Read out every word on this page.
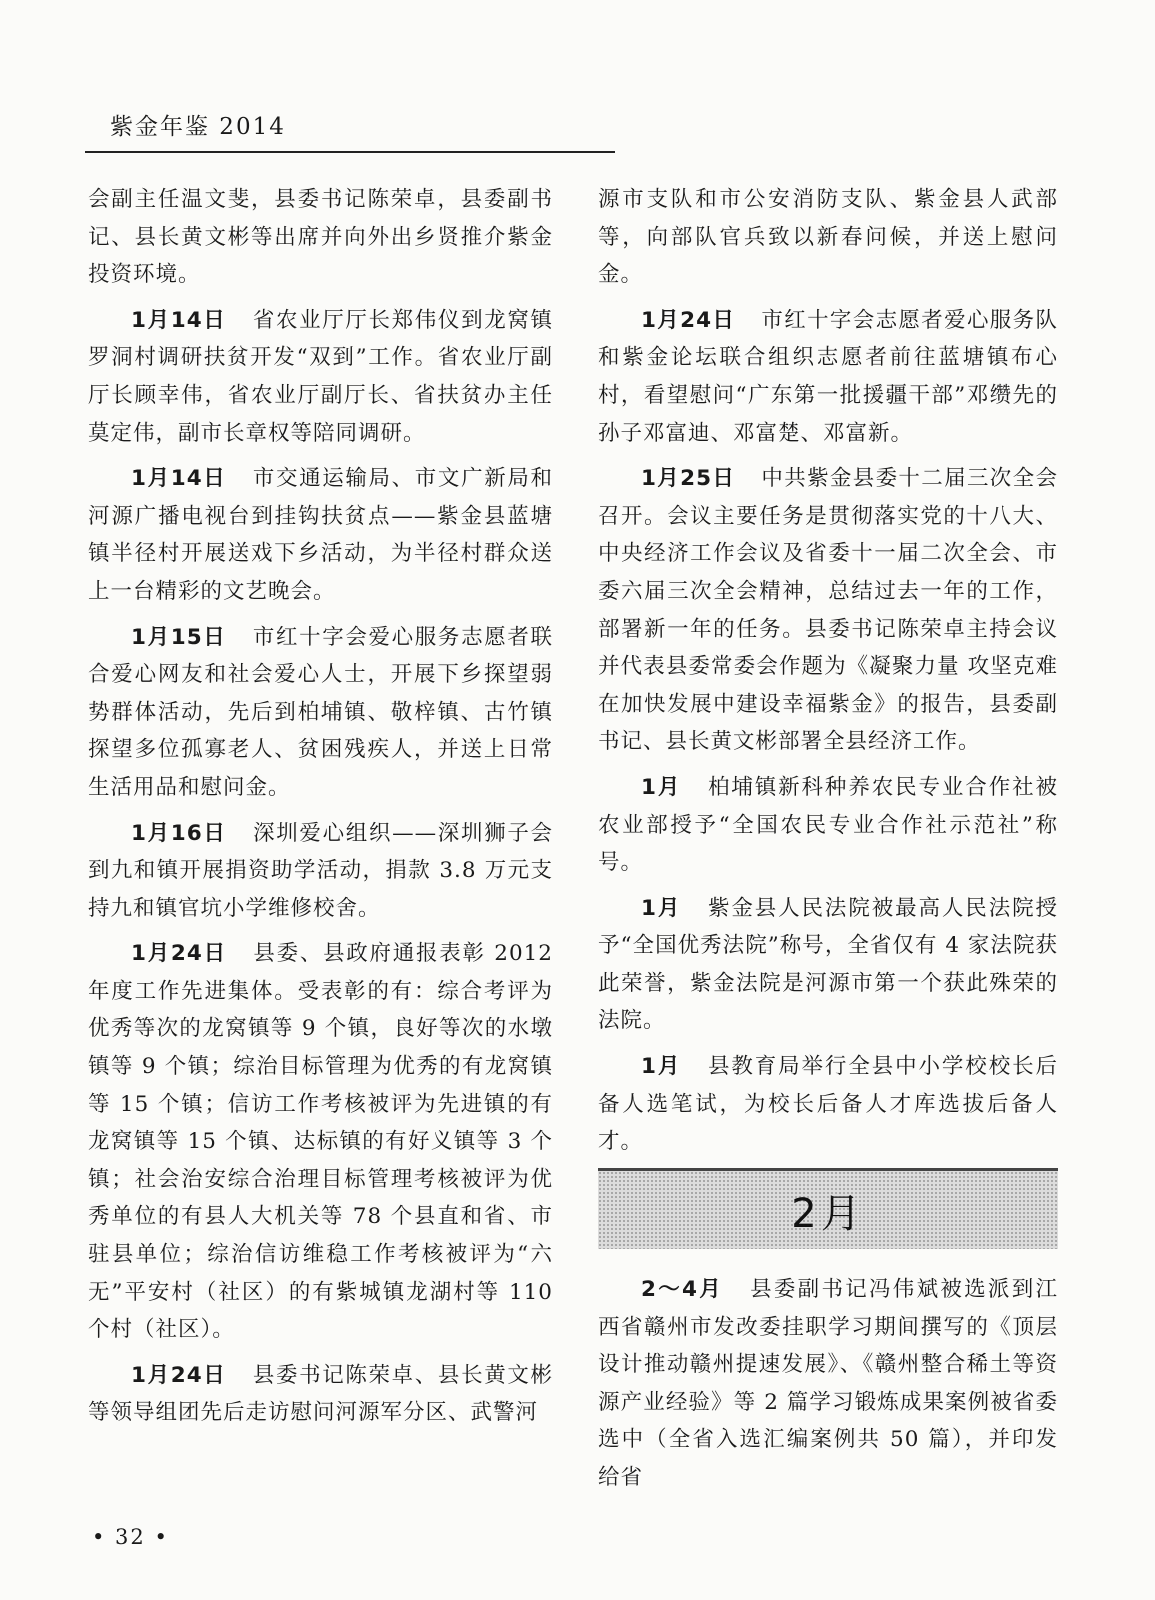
紫金年鉴 2014

会副主任温文斐，县委书记陈荣卓，县委副书记、县长黄文彬等出席并向外出乡贤推介紫金投资环境。

1月14日 省农业厅厅长郑伟仪到龙窝镇罗洞村调研扶贫开发“双到”工作。省农业厅副厅长顾幸伟，省农业厅副厅长、省扶贫办主任莫定伟，副市长章权等陪同调研。

1月14日 市交通运输局、市文广新局和河源广播电视台到挂钩扶贫点——紫金县蓝塘镇半径村开展送戏下乡活动，为半径村群众送上一台精彩的文艺晚会。

1月15日 市红十字会爱心服务志愿者联合爱心网友和社会爱心人士，开展下乡探望弱势群体活动，先后到柏埔镇、敬梓镇、古竹镇探望多位孤寡老人、贫困残疾人，并送上日常生活用品和慰问金。

1月16日 深圳爱心组织——深圳狮子会到九和镇开展捐资助学活动，捐款 3.8 万元支持九和镇官坑小学维修校舍。

1月24日 县委、县政府通报表彰 2012 年度工作先进集体。受表彰的有：综合考评为优秀等次的龙窝镇等 9 个镇，良好等次的水墩镇等 9 个镇；综治目标管理为优秀的有龙窝镇等 15 个镇；信访工作考核被评为先进镇的有龙窝镇等 15 个镇、达标镇的有好义镇等 3 个镇；社会治安综合治理目标管理考核被评为优秀单位的有县人大机关等 78 个县直和省、市驻县单位；综治信访维稳工作考核被评为“六无”平安村（社区）的有紫城镇龙湖村等 110 个村（社区）。

1月24日 县委书记陈荣卓、县长黄文彬等领导组团先后走访慰问河源军分区、武警河

源市支队和市公安消防支队、紫金县人武部等，向部队官兵致以新春问候，并送上慰问金。

1月24日 市红十字会志愿者爱心服务队和紫金论坛联合组织志愿者前往蓝塘镇布心村，看望慰问“广东第一批援疆干部”邓缵先的孙子邓富迪、邓富楚、邓富新。

1月25日 中共紫金县委十二届三次全会召开。会议主要任务是贯彻落实党的十八大、中央经济工作会议及省委十一届二次全会、市委六届三次全会精神，总结过去一年的工作，部署新一年的任务。县委书记陈荣卓主持会议并代表县委常委会作题为《凝聚力量 攻坚克难 在加快发展中建设幸福紫金》的报告，县委副书记、县长黄文彬部署全县经济工作。

1月 柏埔镇新科种养农民专业合作社被农业部授予“全国农民专业合作社示范社”称号。

1月 紫金县人民法院被最高人民法院授予“全国优秀法院”称号，全省仅有 4 家法院获此荣誉，紫金法院是河源市第一个获此殊荣的法院。

1月 县教育局举行全县中小学校校长后备人选笔试，为校长后备人才库选拔后备人才。

2月

2～4月 县委副书记冯伟斌被选派到江西省赣州市发改委挂职学习期间撰写的《顶层设计推动赣州提速发展》、《赣州整合稀土等资源产业经验》等 2 篇学习锻炼成果案例被省委选中（全省入选汇编案例共 50 篇），并印发给省

• 32 •
